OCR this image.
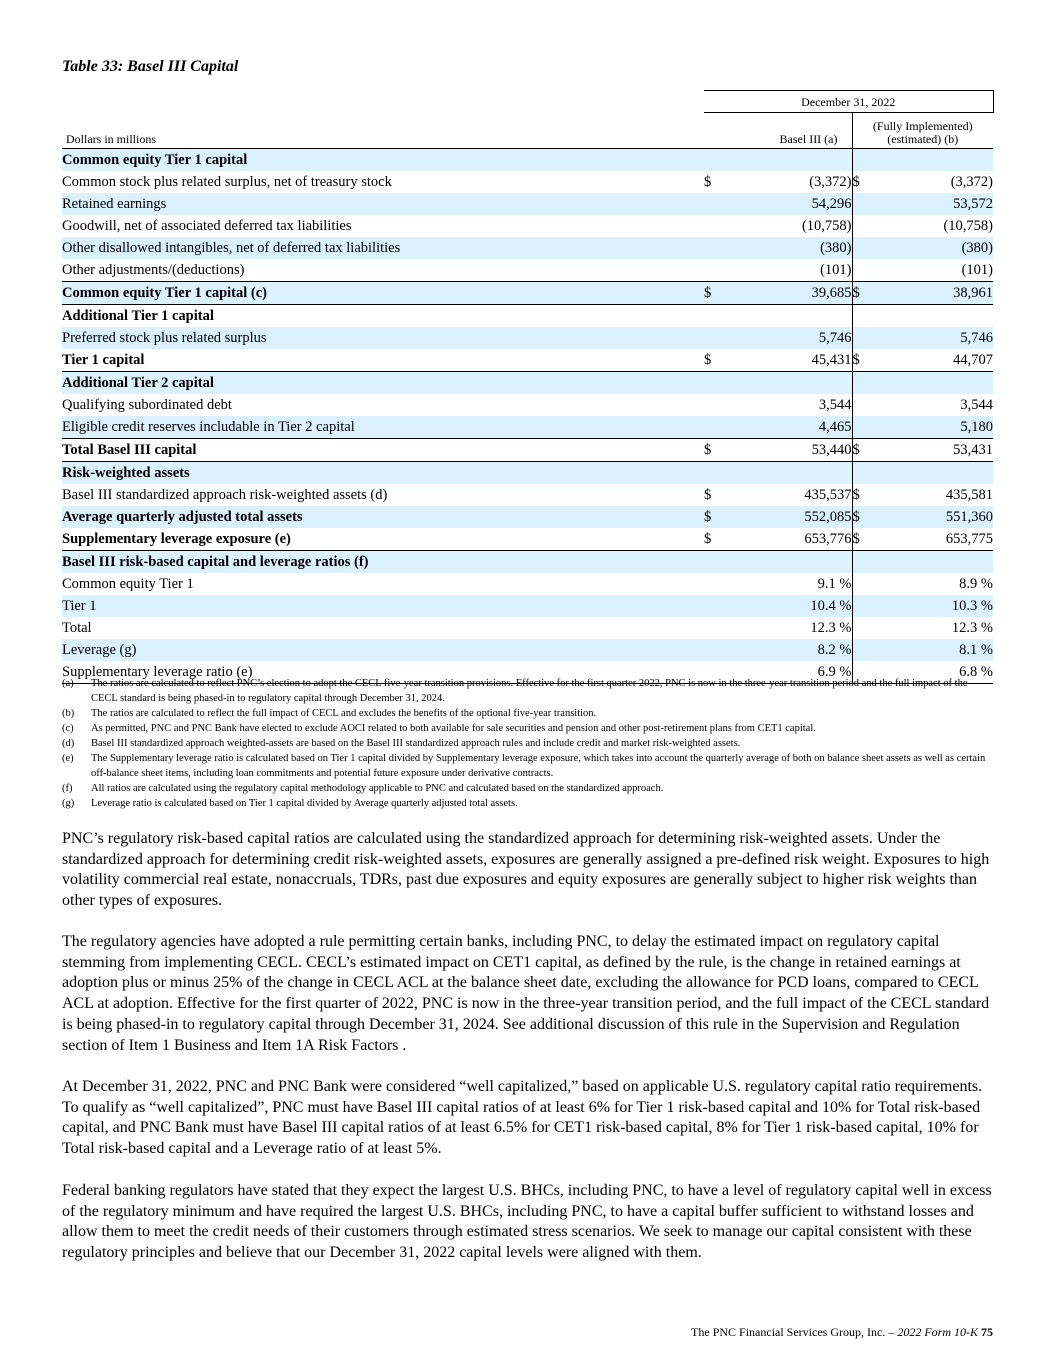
Table 33: Basel III Capital
	December 31, 2022			
Dollars in millions		Basel III (a)	(Fully Implemented)
(estimated) (b)	
Common equity Tier 1 capital				
Common stock plus related surplus, net of treasury stock	$	(3,372)	$	(3,372)
Retained earnings		54,296		53,572
Goodwill, net of associated deferred tax liabilities		(10,758)		(10,758)
Other disallowed intangibles, net of deferred tax liabilities		(380)		(380)
Other adjustments/(deductions)		(101)		(101)
Common equity Tier 1 capital (c)	$	39,685	$	38,961
Additional Tier 1 capital				
Preferred stock plus related surplus		5,746		5,746
Tier 1 capital	$	45,431	$	44,707
Additional Tier 2 capital				
Qualifying subordinated debt		3,544		3,544
Eligible credit reserves includable in Tier 2 capital		4,465		5,180
Total Basel III capital	$	53,440	$	53,431
Risk-weighted assets				
Basel III standardized approach risk-weighted assets (d)	$	435,537	$	435,581
Average quarterly adjusted total assets	$	552,085	$	551,360
Supplementary leverage exposure (e)	$	653,776	$	653,775
Basel III risk-based capital and leverage ratios (f)				
Common equity Tier 1		9.1 %		8.9 %
Tier 1		10.4 %		10.3 %
Total		12.3 %		12.3 %
Leverage (g)		8.2 %		8.1 %
Supplementary leverage ratio (e)		6.9 %		6.8 %
(a)	The ratios are calculated to reflect PNC’s election to adopt the CECL five-year transition provisions. Effective for the first quarter 2022, PNC is now in the three-year transition period and the full impact of the CECL standard is being phased-in to regulatory capital through December 31, 2024.
(b)	The ratios are calculated to reflect the full impact of CECL and excludes the benefits of the optional five-year transition.
(c)	As permitted, PNC and PNC Bank have elected to exclude AOCI related to both available for sale securities and pension and other post-retirement plans from CET1 capital.
(d)	Basel III standardized approach weighted-assets are based on the Basel III standardized approach rules and include credit and market risk-weighted assets.
(e)	The Supplementary leverage ratio is calculated based on Tier 1 capital divided by Supplementary leverage exposure, which takes into account the quarterly average of both on balance sheet assets as well as certain off-balance sheet items, including loan commitments and potential future exposure under derivative contracts.
(f)	All ratios are calculated using the regulatory capital methodology applicable to PNC and calculated based on the standardized approach.
(g)	Leverage ratio is calculated based on Tier 1 capital divided by Average quarterly adjusted total assets.

PNC’s regulatory risk-based capital ratios are calculated using the standardized approach for determining risk-weighted assets. Under the standardized approach for determining credit risk-weighted assets, exposures are generally assigned a pre-defined risk weight. Exposures to high volatility commercial real estate, nonaccruals, TDRs, past due exposures and equity exposures are generally subject to higher risk weights than other types of exposures.

The regulatory agencies have adopted a rule permitting certain banks, including PNC, to delay the estimated impact on regulatory capital stemming from implementing CECL. CECL’s estimated impact on CET1 capital, as defined by the rule, is the change in retained earnings at adoption plus or minus 25% of the change in CECL ACL at the balance sheet date, excluding the allowance for PCD loans, compared to CECL ACL at adoption. Effective for the first quarter of 2022, PNC is now in the three-year transition period, and the full impact of the CECL standard is being phased-in to regulatory capital through December 31, 2024. See additional discussion of this rule in the Supervision and Regulation section of Item 1 Business and Item 1A Risk Factors .

At December 31, 2022, PNC and PNC Bank were considered “well capitalized,” based on applicable U.S. regulatory capital ratio requirements. To qualify as “well capitalized”, PNC must have Basel III capital ratios of at least 6% for Tier 1 risk-based capital and 10% for Total risk-based capital, and PNC Bank must have Basel III capital ratios of at least 6.5% for CET1 risk-based capital, 8% for Tier 1 risk-based capital, 10% for Total risk-based capital and a Leverage ratio of at least 5%.

Federal banking regulators have stated that they expect the largest U.S. BHCs, including PNC, to have a level of regulatory capital well in excess of the regulatory minimum and have required the largest U.S. BHCs, including PNC, to have a capital buffer sufficient to withstand losses and allow them to meet the credit needs of their customers through estimated stress scenarios. We seek to manage our capital consistent with these regulatory principles and believe that our December 31, 2022 capital levels were aligned with them.

The PNC Financial Services Group, Inc. – 2022 Form 10-K 75
